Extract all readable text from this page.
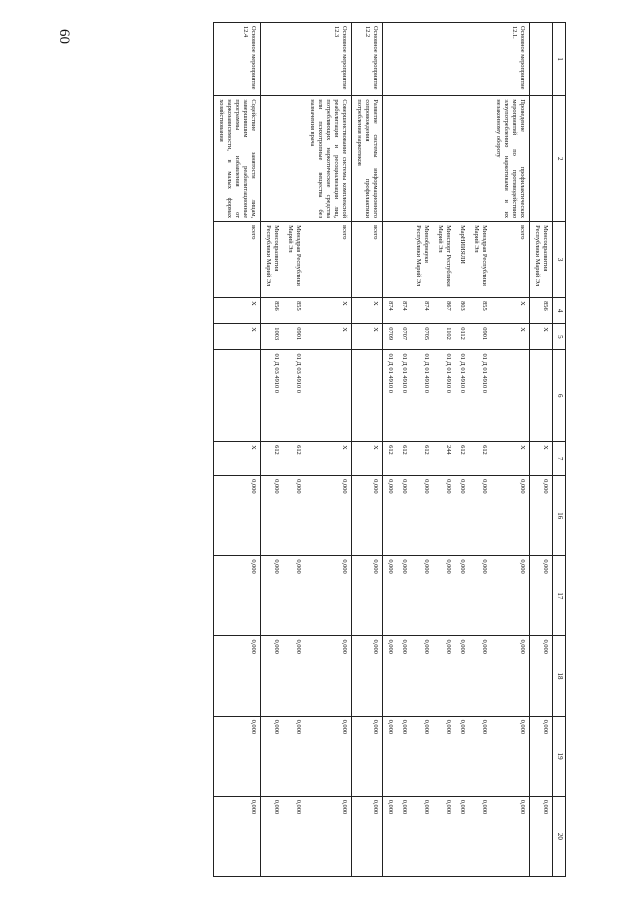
60
1	2	3	4	5	6	7	16	17	18	19	20
		Минсоцразвития Республики Марий Эл	856	Х		Х	0,000	0,000	0,000	0,000	0,000
Основное мероприятие 12.1.	Проведение профилактических мероприятий по противодействию злоупотреблению наркотиками и их незаконному обороту	всего	Х	Х		Х	0,000	0,000	0,000	0,000	0,000
		Минздрав Республики Марий Эл	855	0901	01 Д 01 4910 0	612	0,000	0,000	0,000	0,000	0,000
		МарНИИЯЛИ	803	0112	01 Д 01 4910 0	612	0,000	0,000	0,000	0,000	0,000
		Минспорт Республики Марий Эл	867	1102	01 Д 01 4910 0	244	0,000	0,000	0,000	0,000	0,000
		Минобрнауки Республики Марий Эл	874	0705	01 Д 01 4910 0	612	0,000	0,000	0,000	0,000	0,000
			874	0707	01 Д 01 4910 0	612	0,000	0,000	0,000	0,000	0,000
			874	0709	01 Д 01 4910 0	612	0,000	0,000	0,000	0,000	0,000
Основное мероприятие 12.2	Развитие системы информационного сопровождения профилактики потребления наркотиков	всего	Х	Х		Х	0,000	0,000	0,000	0,000	0,000
Основное мероприятие 12.3	Совершенствование системы комплексной реабилитации и ресоциализации лиц, потребляющих наркотические средства или психотропные вещества без назначения врача	всего	Х	Х		Х	0,000	0,000	0,000	0,000	0,000
		Минздрав Республики Марий Эл	855	0901	01 Д 03 4910 0	612	0,000	0,000	0,000	0,000	0,000
		Минсоцразвития Республики Марий Эл	856	1003	01 Д 03 4910 0	612	0,000	0,000	0,000	0,000	0,000
Основное мероприятие 12.4	Содействие занятости лицам, завершившим реабилитационные программы избавления от наркозависимости, в малых формах хозяйствования	всего	Х	Х		Х	0,000	0,000	0,000	0,000	0,000
